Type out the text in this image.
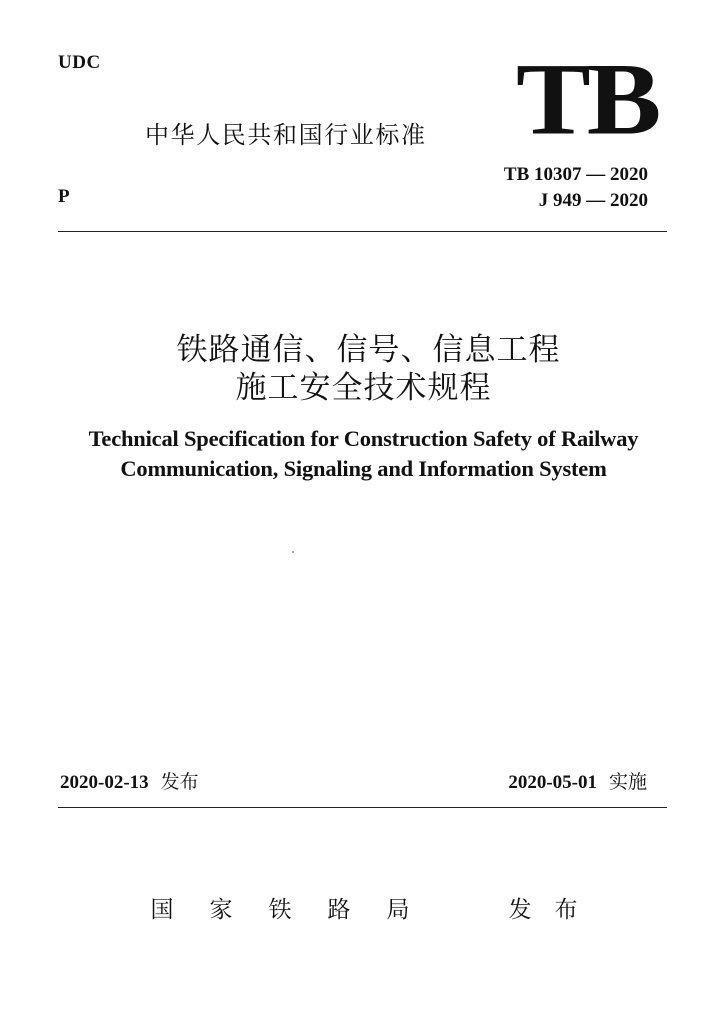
UDC	TB
中华人民共和国行业标准
TB 10307 — 2020
J 949 — 2020
P
铁路通信、信号、信息工程
施工安全技术规程
Technical Specification for Construction Safety of Railway
Communication, Signaling and Information System
2020-02-13 发布	2020-05-01 实施
国 家 铁 路 局	发 布
